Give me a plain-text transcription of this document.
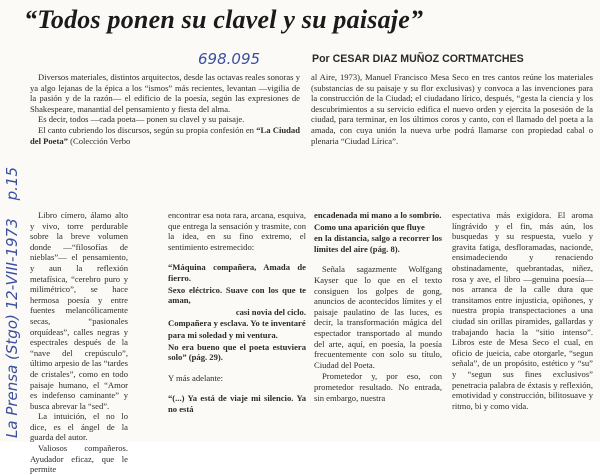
“Todos ponen su clavel y su paisaje”
698.095	Por CESAR DIAZ MUÑOZ CORTMATCHES
La Prensa (Stgo) 12-VIII-1973p.15

Diversos materiales, distintos arquitectos, desde las octavas reales sonoras y ya algo lejanas de la épica a los “ismos” más recientes, levantan —vigilia de la pasión y de la razón— el edificio de la poesía, según las expresiones de Shakespeare, manantial del pensamiento y fiesta del alma.

Es decir, todos —cada poeta— ponen su clavel y su paisaje.

El canto cubriendo los discursos, según su propia confesión en “La Ciudad del Poeta” (Colección Verbo

al Aire, 1973), Manuel Francisco Mesa Seco en tres cantos reúne los materiales (substancias de su paisaje y su flor exclusivas) y convoca a las invenciones para la construcción de la Ciudad; el ciudadano lírico, después, “gesta la ciencia y los descubrimientos a su servicio edifica el nuevo orden y ejercita la posesión de la ciudad, para terminar, en los últimos coros y canto, con el llamado del poeta a la amada, con cuya unión la nueva urbe podrá llamarse con propiedad cabal o plenaria “Ciudad Lírica”.

Libro címero, álamo alto y vivo, torre perdurable sobre la breve volumen donde —“filosofías de nieblas”— el pensamiento, y aun la reflexión metafísica, “cerebro puro y milimétrico”, se hace hermosa poesía y entre fuentes melancólicamente secas, “pasionales orquídeas”, calles negras y espectrales después de la “nave del crepúsculo”, último arpesio de las “tardes de cristales”, como en todo paisaje humano, el “Amor es indefenso caminante” y busca abrevar la “sed”.

La intuición, el no lo dice, es el ángel de la guarda del autor.

Valiosos compañeros. Ayudador eficaz, que le permite

encontrar esa nota rara, arcana, esquiva, que entrega la sensación y trasmite, con la idea, en su fino extremo, el sentimiento estremecido:

“Máquina compañera, Amada de fierro.

Sexo eléctrico. Suave con los que te aman,

casi novia del ciclo.

Compañera y esclava. Yo te inventaré

para mi soledad y mi ventura.

No era bueno que el poeta estuviera solo” (pág. 29).

Y más adelante:

“(...) Ya está de viaje mi silencio. Ya no está

encadenada mi mano a lo sombrío.

Como una aparición que fluye

en la distancia, salgo a recorrer los límites del aire (pág. 8).

Señala sagazmente Wolfgang Kayser que lo que en el texto consiguen los golpes de gong, anuncios de acontecidos límites y el paisaje paulatino de las luces, es decir, la transformación mágica del espectador transportado al mundo del arte, aquí, en poesía, la poesía frecuentemente con solo su título, Ciudad del Poeta.

Prometedor y, por eso, con prometedor resultado. No entrada, sin embargo, nuestra

espectativa más exigidora. El aroma língrávido y el fin, más aún, los busquedas y su respuesta, vuelo y gravita fatiga, desfloramadas, nacionde, ensimadeciendo y renaciendo obstinadamente, quebrantadas, niñez, rosa y ave, el libro —genuina poesía— nos arranca de la calle dura que transitamos entre injusticia, opiñones, y nuestra propia transpectaciones a una ciudad sin orillas piramides, gallardas y trabajando hacia la “sitio intenso”. Libros este de Mesa Seco el cual, en oficio de jueicia, cabe otorgarle, “segun señala”, de un propósito, estético y “su” y “segun sus fines exclusivos” penetracia palabra de éxtasis y reflexión, emotividad y construcción, bilitosuave y ritmo, bi y como vida.
